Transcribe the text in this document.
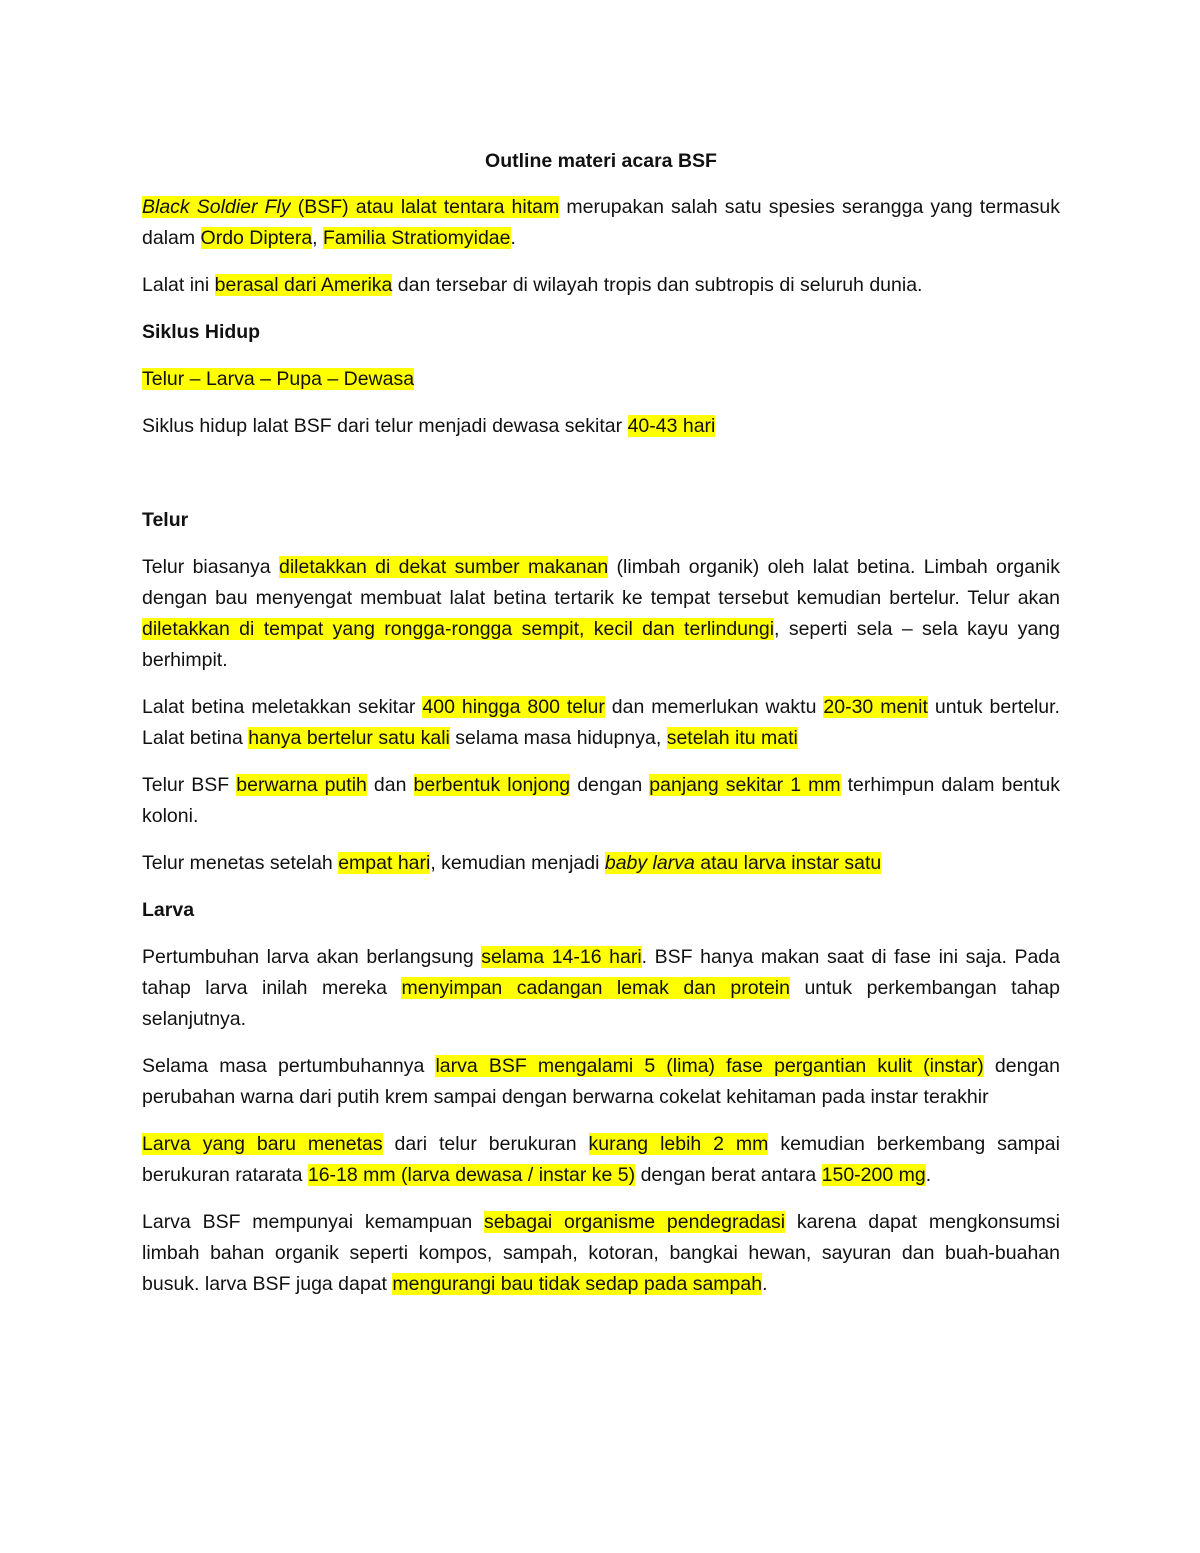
Outline materi acara BSF

Black Soldier Fly (BSF) atau lalat tentara hitam merupakan salah satu spesies serangga yang termasuk dalam Ordo Diptera, Familia Stratiomyidae.

Lalat ini berasal dari Amerika dan tersebar di wilayah tropis dan subtropis di seluruh dunia.

Siklus Hidup

Telur – Larva – Pupa – Dewasa

Siklus hidup lalat BSF dari telur menjadi dewasa sekitar 40-43 hari

Telur

Telur biasanya diletakkan di dekat sumber makanan (limbah organik) oleh lalat betina. Limbah organik dengan bau menyengat membuat lalat betina tertarik ke tempat tersebut kemudian bertelur. Telur akan diletakkan di tempat yang rongga-rongga sempit, kecil dan terlindungi, seperti sela – sela kayu yang berhimpit.

Lalat betina meletakkan sekitar 400 hingga 800 telur dan memerlukan waktu 20-30 menit untuk bertelur. Lalat betina hanya bertelur satu kali selama masa hidupnya, setelah itu mati

Telur BSF berwarna putih dan berbentuk lonjong dengan panjang sekitar 1 mm terhimpun dalam bentuk koloni.

Telur menetas setelah empat hari, kemudian menjadi baby larva atau larva instar satu

Larva

Pertumbuhan larva akan berlangsung selama 14-16 hari. BSF hanya makan saat di fase ini saja. Pada tahap larva inilah mereka menyimpan cadangan lemak dan protein untuk perkembangan tahap selanjutnya.

Selama masa pertumbuhannya larva BSF mengalami 5 (lima) fase pergantian kulit (instar) dengan perubahan warna dari putih krem sampai dengan berwarna cokelat kehitaman pada instar terakhir

Larva yang baru menetas dari telur berukuran kurang lebih 2 mm kemudian berkembang sampai berukuran ratarata 16-18 mm (larva dewasa / instar ke 5) dengan berat antara 150-200 mg.

Larva BSF mempunyai kemampuan sebagai organisme pendegradasi karena dapat mengkonsumsi limbah bahan organik seperti kompos, sampah, kotoran, bangkai hewan, sayuran dan buah-buahan busuk. larva BSF juga dapat mengurangi bau tidak sedap pada sampah.
